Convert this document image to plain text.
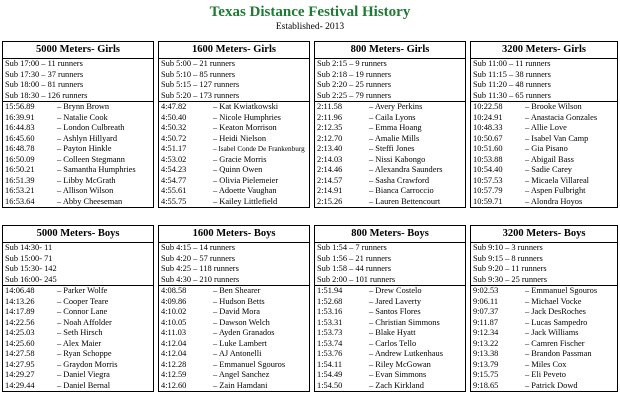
Texas Distance Festival History
Established- 2013
5000 Meters- Girls
Sub 17:00 – 11 runners
Sub 17:30 – 37 runners
Sub 18:00 – 81 runners
Sub 18:30 – 126 runners
15:56.89	– Brynn Brown
16:39.91	– Natalie Cook
16:44.83	– London Culbreath
16:45.60	– Ashlyn Hillyard
16:48.78	– Payton Hinkle
16:50.09	– Colleen Stegmann
16:50.21	– Samantha Humphries
16:51.39	– Libby McGrath
16:53.21	– Allison Wilson
16:53.64	– Abby Cheeseman
1600 Meters- Girls
Sub 5:00 – 21 runners
Sub 5:10 – 85 runners
Sub 5:15 – 127 runners
Sub 5:20 – 173 runners
4:47.82	– Kat Kwiatkowski
4:50.40	– Nicole Humphries
4:50.32	– Keaton Morrison
4:50.72	– Heidi Nielson
4:51.17	– Isabel Conde De Frankenburg
4:53.02	– Gracie Morris
4:54.23	– Quinn Owen
4:54.77	– Olivia Pielemeier
4:55.61	– Adoette Vaughan
4:55.75	– Kailey Littlefield
800 Meters- Girls
Sub 2:15 – 9 runners
Sub 2:18 – 19 runners
Sub 2:20 – 25 runners
Sub 2:25 – 79 runners
2:11.58	– Avery Perkins
2:11.96	– Caila Lyons
2:12.35	– Emma Hoang
2:12.70	– Amalie Mills
2:13.40	– Steffi Jones
2:14.03	– Nissi Kabongo
2:14.46	– Alexandra Saunders
2:14.57	– Sasha Crawford
2:14.91	– Bianca Carroccio
2:15.26	– Lauren Bettencourt
3200 Meters- Girls
Sub 11:00 – 11 runners
Sub 11:15 – 38 runners
Sub 11:20 – 48 runners
Sub 11:30 – 65 runners
10:22.58	– Brooke Wilson
10:24.91	– Anastacia Gonzales
10:48.33	– Allie Love
10:50.67	– Isabel Van Camp
10:51.60	– Gia Pisano
10:53.88	– Abigail Bass
10:54.40	– Sadie Carey
10:57.53	– Micaela Villareal
10:57.79	– Aspen Fulbright
10:59.71	– Alondra Hoyos
5000 Meters- Boys
Sub 14:30- 11
Sub 15:00- 71
Sub 15:30- 142
Sub 16:00- 245
14:06.48	– Parker Wolfe
14:13.26	– Cooper Teare
14:17.89	– Connor Lane
14:22.56	– Noah Affolder
14:25.03	– Seth Hirsch
14:25.60	– Alex Maier
14:27.58	– Ryan Schoppe
14:27.95	– Graydon Morris
14:29.27	– Daniel Viegra
14:29.44	– Daniel Bernal
1600 Meters- Boys
Sub 4:15 – 14 runners
Sub 4:20 – 57 runners
Sub 4:25 – 118 runners
Sub 4:30 – 210 runners
4:08.58	– Ben Shearer
4:09.86	– Hudson Betts
4:10.02	– David Mora
4:10.05	– Dawson Welch
4:11.03	– Ayden Granados
4:12.04	– Luke Lambert
4:12.04	– AJ Antonelli
4:12.28	– Emmanuel Sgouros
4:12.59	– Angel Sanchez
4:12.60	– Zain Hamdani
800 Meters- Boys
Sub 1:54 – 7 runners
Sub 1:56 – 21 runners
Sub 1:58 – 44 runners
Sub 2:00 – 101 runners
1:51.94	– Drew Costelo
1:52.68	– Jared Laverty
1:53.16	– Santos Flores
1:53.31	– Christian Simmons
1:53.73	– Blake Hyatt
1:53.74	– Carlos Tello
1:53.76	– Andrew Lutkenhaus
1:54.11	– Riley McGowan
1:54.49	– Evan Simmons
1:54.50	– Zach Kirkland
3200 Meters- Boys
Sub 9:10 – 3 runners
Sub 9:15 – 8 runners
Sub 9:20 – 11 runners
Sub 9:30 – 25 runners
9:02.53	– Emmanuel Sgouros
9:06.11	– Michael Vocke
9:07.37	– Jack DesRoches
9:11.87	– Lucas Sampedro
9:12.34	– Jack Williams
9:13.22	– Camren Fischer
9:13.38	– Brandon Passman
9:13.79	– Miles Cox
9:15.75	– Eli Peveto
9:18.65	– Patrick Dowd
